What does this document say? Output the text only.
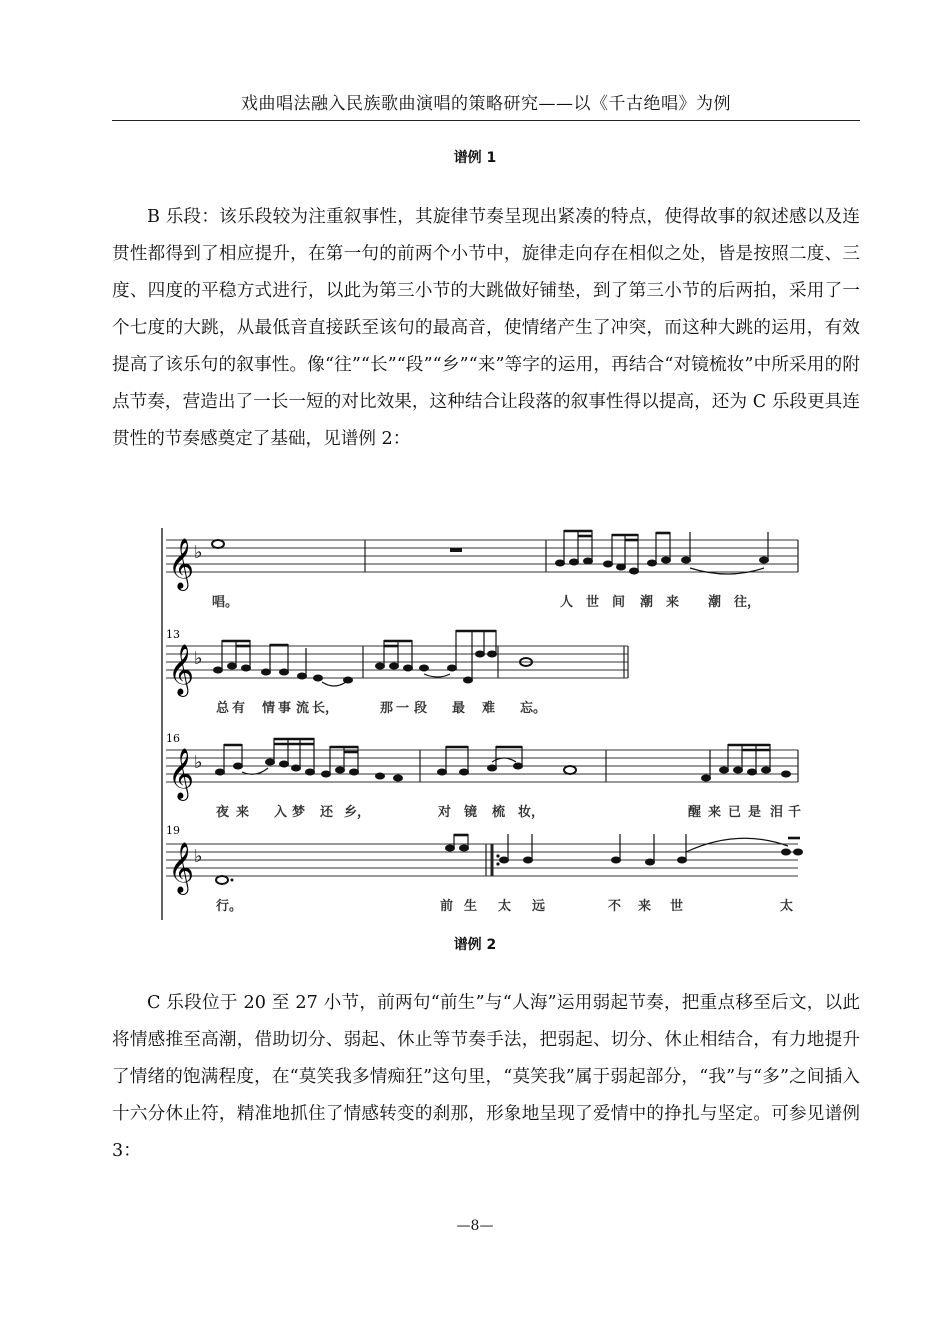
戏曲唱法融入民族歌曲演唱的策略研究——以《千古绝唱》为例
谱例 1

B 乐段：该乐段较为注重叙事性，其旋律节奏呈现出紧凑的特点，使得故事的叙述感以及连贯性都得到了相应提升，在第一句的前两个小节中，旋律走向存在相似之处，皆是按照二度、三度、四度的平稳方式进行，以此为第三小节的大跳做好铺垫，到了第三小节的后两拍，采用了一个七度的大跳，从最低音直接跃至该句的最高音，使情绪产生了冲突，而这种大跳的运用，有效提高了该乐句的叙事性。像“往”“长”“段”“乡”“来”等字的运用，再结合“对镜梳妆”中所采用的附点节奏，营造出了一长一短的对比效果，这种结合让段落的叙事性得以提高，还为 C 乐段更具连贯性的节奏感奠定了基础，见谱例 2：

𝄞 ♭
唱。	人 世 间 潮 来 潮 往，
13
𝄞 ♭
总 有 情 事 流 长，	那 一 段 最 难 忘。
16
𝄞 ♭
夜 来 入 梦 还 乡，	对 镜 梳 妆，	醒 来 已 是 泪 千
19
𝄞 ♭
行。	前 生 太 远	不 来 世	太
谱例 2

C 乐段位于 20 至 27 小节，前两句“前生”与“人海”运用弱起节奏，把重点移至后文，以此将情感推至高潮，借助切分、弱起、休止等节奏手法，把弱起、切分、休止相结合，有力地提升了情绪的饱满程度，在“莫笑我多情痴狂”这句里，“莫笑我”属于弱起部分，“我”与“多”之间插入十六分休止符，精准地抓住了情感转变的刹那，形象地呈现了爱情中的挣扎与坚定。可参见谱例 3：

—8—
